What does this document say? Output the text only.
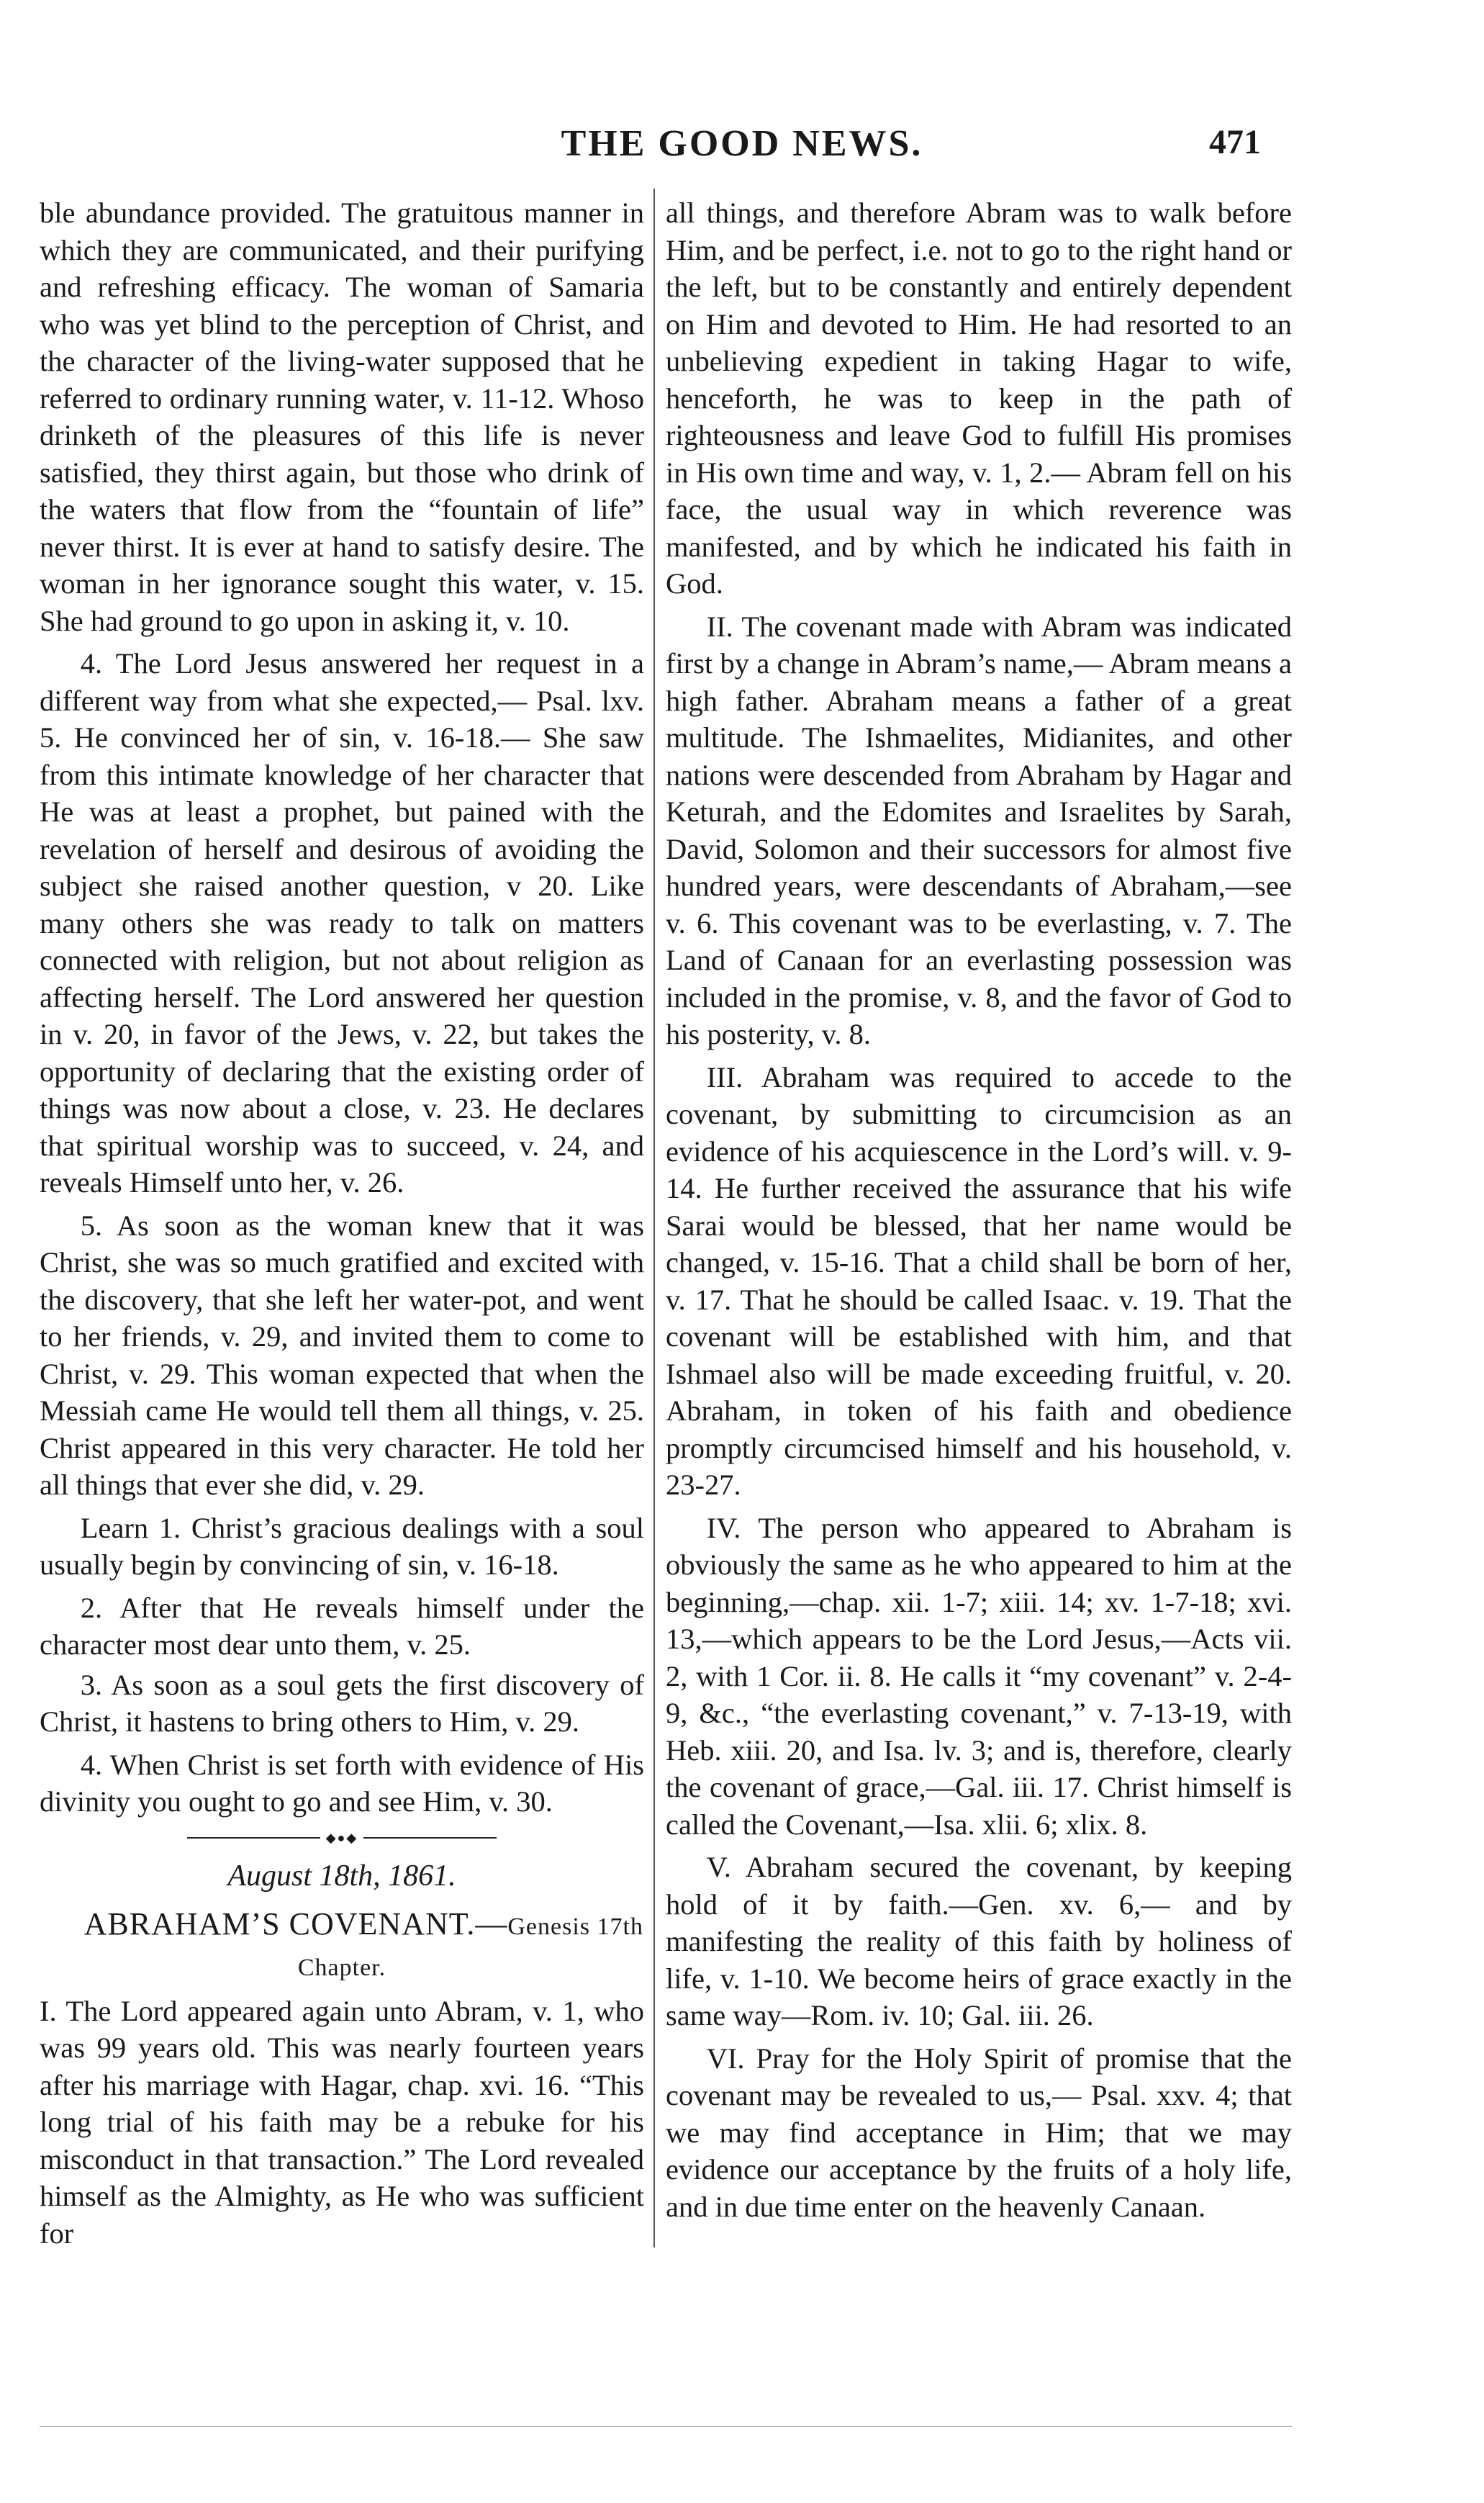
THE GOOD NEWS.	471

ble abundance provided. The gratuitous manner in which they are communicated, and their purifying and refreshing efficacy. The woman of Samaria who was yet blind to the perception of Christ, and the character of the living-water supposed that he referred to ordinary running water, v. 11-12. Whoso drinketh of the pleasures of this life is never satisfied, they thirst again, but those who drink of the waters that flow from the “fountain of life” never thirst. It is ever at hand to satisfy desire. The woman in her ignorance sought this water, v. 15. She had ground to go upon in asking it, v. 10.

4. The Lord Jesus answered her request in a different way from what she expected,— Psal. lxv. 5. He convinced her of sin, v. 16-18.— She saw from this intimate knowledge of her character that He was at least a prophet, but pained with the revelation of herself and desirous of avoiding the subject she raised another question, v 20. Like many others she was ready to talk on matters connected with religion, but not about religion as affecting herself. The Lord answered her question in v. 20, in favor of the Jews, v. 22, but takes the opportunity of declaring that the existing order of things was now about a close, v. 23. He declares that spiritual worship was to succeed, v. 24, and reveals Himself unto her, v. 26.

5. As soon as the woman knew that it was Christ, she was so much gratified and excited with the discovery, that she left her water-pot, and went to her friends, v. 29, and invited them to come to Christ, v. 29. This woman expected that when the Messiah came He would tell them all things, v. 25. Christ appeared in this very character. He told her all things that ever she did, v. 29.

Learn 1. Christ’s gracious dealings with a soul usually begin by convincing of sin, v. 16-18.

2. After that He reveals himself under the character most dear unto them, v. 25.

3. As soon as a soul gets the first discovery of Christ, it hastens to bring others to Him, v. 29.

4. When Christ is set forth with evidence of His divinity you ought to go and see Him, v. 30.

◆●◆
August 18th, 1861.

ABRAHAM’S COVENANT.—Genesis 17th

Chapter.

I. The Lord appeared again unto Abram, v. 1, who was 99 years old. This was nearly fourteen years after his marriage with Hagar, chap. xvi. 16. “This long trial of his faith may be a rebuke for his misconduct in that transaction.” The Lord revealed himself as the Almighty, as He who was sufficient for

all things, and therefore Abram was to walk before Him, and be perfect, i.e. not to go to the right hand or the left, but to be constantly and entirely dependent on Him and devoted to Him. He had resorted to an unbelieving expedient in taking Hagar to wife, henceforth, he was to keep in the path of righteousness and leave God to fulfill His promises in His own time and way, v. 1, 2.— Abram fell on his face, the usual way in which reverence was manifested, and by which he indicated his faith in God.

II. The covenant made with Abram was indicated first by a change in Abram’s name,— Abram means a high father. Abraham means a father of a great multitude. The Ishmaelites, Midianites, and other nations were descended from Abraham by Hagar and Keturah, and the Edomites and Israelites by Sarah, David, Solomon and their successors for almost five hundred years, were descendants of Abraham,—see v. 6. This covenant was to be everlasting, v. 7. The Land of Canaan for an everlasting possession was included in the promise, v. 8, and the favor of God to his posterity, v. 8.

III. Abraham was required to accede to the covenant, by submitting to circumcision as an evidence of his acquiescence in the Lord’s will. v. 9-14. He further received the assurance that his wife Sarai would be blessed, that her name would be changed, v. 15-16. That a child shall be born of her, v. 17. That he should be called Isaac. v. 19. That the covenant will be established with him, and that Ishmael also will be made exceeding fruitful, v. 20. Abraham, in token of his faith and obedience promptly circumcised himself and his household, v. 23-27.

IV. The person who appeared to Abraham is obviously the same as he who appeared to him at the beginning,—chap. xii. 1-7; xiii. 14; xv. 1-7-18; xvi. 13,—which appears to be the Lord Jesus,—Acts vii. 2, with 1 Cor. ii. 8. He calls it “my covenant” v. 2-4-9, &c., “the everlasting covenant,” v. 7-13-19, with Heb. xiii. 20, and Isa. lv. 3; and is, therefore, clearly the covenant of grace,—Gal. iii. 17. Christ himself is called the Covenant,—Isa. xlii. 6; xlix. 8.

V. Abraham secured the covenant, by keeping hold of it by faith.—Gen. xv. 6,— and by manifesting the reality of this faith by holiness of life, v. 1-10. We become heirs of grace exactly in the same way—Rom. iv. 10; Gal. iii. 26.

VI. Pray for the Holy Spirit of promise that the covenant may be revealed to us,— Psal. xxv. 4; that we may find acceptance in Him; that we may evidence our acceptance by the fruits of a holy life, and in due time enter on the heavenly Canaan.
